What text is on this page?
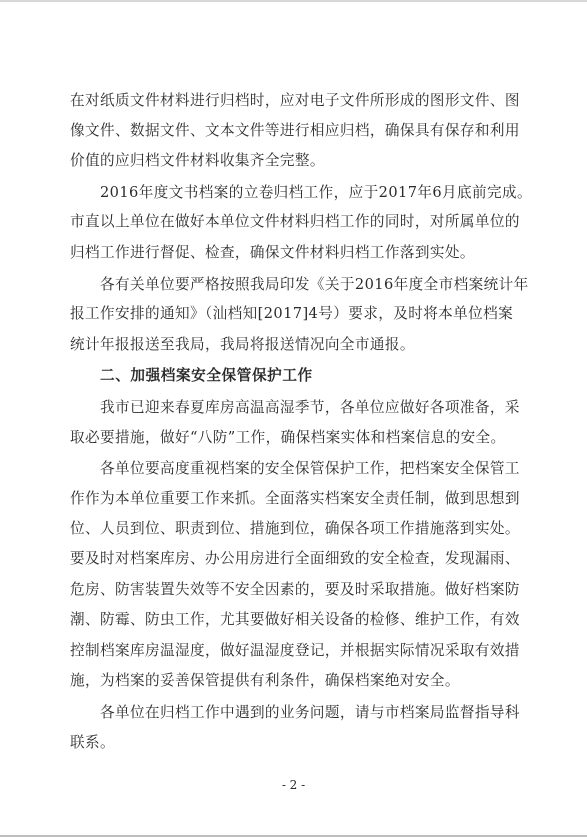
在对纸质文件材料进行归档时，应对电子文件所形成的图形文件、图
像文件、数据文件、文本文件等进行相应归档，确保具有保存和利用
价值的应归档文件材料收集齐全完整。
2016年度文书档案的立卷归档工作，应于2017年6月底前完成。
市直以上单位在做好本单位文件材料归档工作的同时，对所属单位的
归档工作进行督促、检查，确保文件材料归档工作落到实处。
各有关单位要严格按照我局印发《关于2016年度全市档案统计年
报工作安排的通知》（汕档知[2017]4号）要求，及时将本单位档案
统计年报报送至我局，我局将报送情况向全市通报。
二、加强档案安全保管保护工作
我市已迎来春夏库房高温高湿季节，各单位应做好各项准备，采
取必要措施，做好“八防”工作，确保档案实体和档案信息的安全。
各单位要高度重视档案的安全保管保护工作，把档案安全保管工
作作为本单位重要工作来抓。全面落实档案安全责任制，做到思想到
位、人员到位、职责到位、措施到位，确保各项工作措施落到实处。
要及时对档案库房、办公用房进行全面细致的安全检查，发现漏雨、
危房、防害装置失效等不安全因素的，要及时采取措施。做好档案防
潮、防霉、防虫工作，尤其要做好相关设备的检修、维护工作，有效
控制档案库房温湿度，做好温湿度登记，并根据实际情况采取有效措
施，为档案的妥善保管提供有利条件，确保档案绝对安全。
各单位在归档工作中遇到的业务问题，请与市档案局监督指导科
联系。
- 2 -
